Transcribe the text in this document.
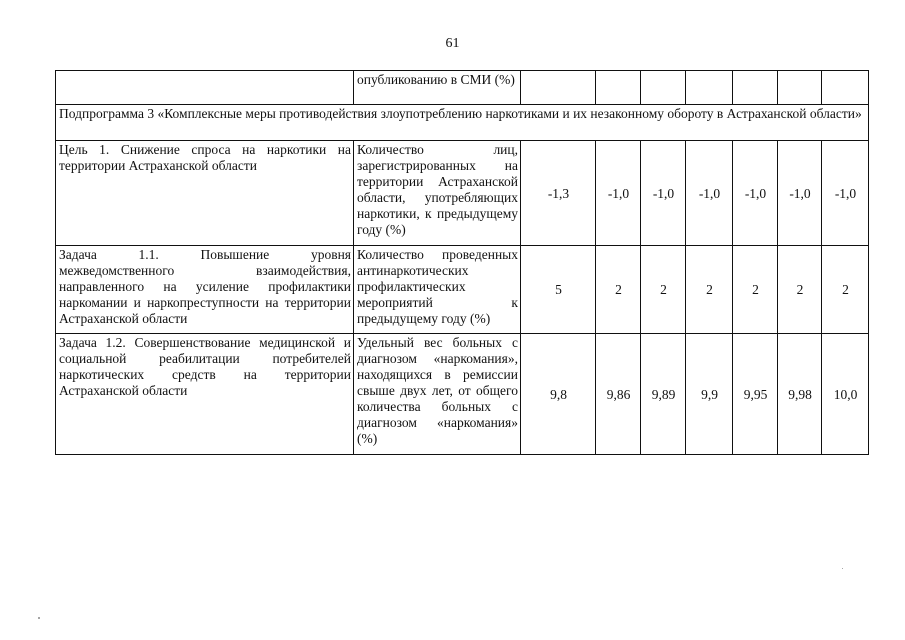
61
	опубликованию в СМИ (%)							
Подпрограмма 3 «Комплексные меры противодействия злоупотреблению наркотиками и их незаконному обороту в Астраханской области»								
Цель 1. Снижение спроса на наркотики на территории Астраханской области	Количество лиц, зарегистрированных на территории Астраханской области, употребляющих наркотики, к предыдущему году (%)	-1,3	-1,0	-1,0	-1,0	-1,0	-1,0	-1,0
Задача 1.1. Повышение уровня межведомственного взаимодействия, направленного на усиление профилактики наркомании и наркопреступности на территории Астраханской области	Количество проведенных антинаркотических профилактических мероприятий к предыдущему году (%)	5	2	2	2	2	2	2
Задача 1.2. Совершенствование медицинской и социальной реабилитации потребителей наркотических средств на территории Астраханской области	Удельный вес больных с диагнозом «наркомания», находящихся в ремиссии свыше двух лет, от общего количества больных с диагнозом «наркомания» (%)	9,8	9,86	9,89	9,9	9,95	9,98	10,0
